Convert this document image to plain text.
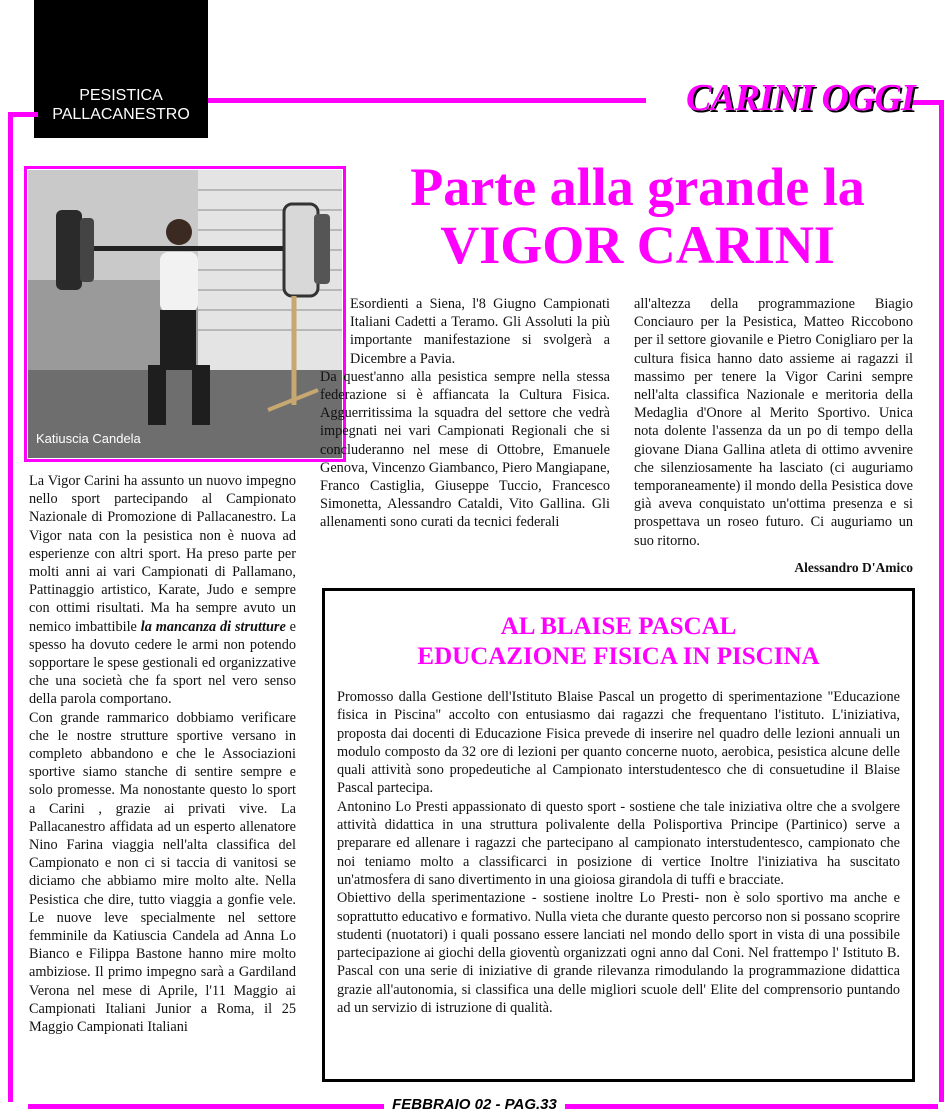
PESISTICA
PALLACANESTRO	CARINI OGGI
Parte alla grande la
VIGOR CARINI
Katiuscia Candela

La Vigor Carini ha assunto un nuovo impegno nello sport partecipando al Campionato Nazionale di Promozione di Pallacanestro. La Vigor nata con la pesistica non è nuova ad esperienze con altri sport. Ha preso parte per molti anni ai vari Campionati di Pallamano, Pattinaggio artistico, Karate, Judo e sempre con ottimi risultati. Ma ha sempre avuto un nemico imbattibile la mancanza di strutture e spesso ha dovuto cedere le armi non potendo sopportare le spese gestionali ed organizzative che una società che fa sport nel vero senso della parola comportano.

Con grande rammarico dobbiamo verificare che le nostre strutture sportive versano in completo abbandono e che le Associazioni sportive siamo stanche di sentire sempre e solo promesse. Ma nonostante questo lo sport a Carini , grazie ai privati vive. La Pallacanestro affidata ad un esperto allenatore Nino Farina viaggia nell'alta classifica del Campionato e non ci si taccia di vanitosi se diciamo che abbiamo mire molto alte. Nella Pesistica che dire, tutto viaggia a gonfie vele. Le nuove leve specialmente nel settore femminile da Katiuscia Candela ad Anna Lo Bianco e Filippa Bastone hanno mire molto ambiziose. Il primo impegno sarà a Gardiland Verona nel mese di Aprile, l'11 Maggio ai Campionati Italiani Junior a Roma, il 25 Maggio Campionati Italiani

Esordienti a Siena, l'8 Giugno Campionati Italiani Cadetti a Teramo. Gli Assoluti la più importante manifestazione si svolgerà a Dicembre a Pavia.

Da quest'anno alla pesistica sempre nella stessa federazione si è affiancata la Cultura Fisica. Agguerritissima la squadra del settore che vedrà impegnati nei vari Campionati Regionali che si concluderanno nel mese di Ottobre, Emanuele Genova, Vincenzo Giambanco, Piero Mangiapane, Franco Castiglia, Giuseppe Tuccio, Francesco Simonetta, Alessandro Cataldi, Vito Gallina. Gli allenamenti sono curati da tecnici federali

all'altezza della programmazione Biagio Conciauro per la Pesistica, Matteo Riccobono per il settore giovanile e Pietro Conigliaro per la cultura fisica hanno dato assieme ai ragazzi il massimo per tenere la Vigor Carini sempre nell'alta classifica Nazionale e meritoria della Medaglia d'Onore al Merito Sportivo. Unica nota dolente l'assenza da un po di tempo della giovane Diana Gallina atleta di ottimo avvenire che silenziosamente ha lasciato (ci auguriamo temporaneamente) il mondo della Pesistica dove già aveva conquistato un'ottima presenza e si prospettava un roseo futuro. Ci auguriamo un suo ritorno.

Alessandro D'Amico
AL BLAISE PASCAL
EDUCAZIONE FISICA IN PISCINA

Promosso dalla Gestione dell'Istituto Blaise Pascal un progetto di sperimentazione "Educazione fisica in Piscina" accolto con entusiasmo dai ragazzi che frequentano l'istituto. L'iniziativa, proposta dai docenti di Educazione Fisica prevede di inserire nel quadro delle lezioni annuali un modulo composto da 32 ore di lezioni per quanto concerne nuoto, aerobica, pesistica alcune delle quali attività sono propedeutiche al Campionato interstudentesco che di consuetudine il Blaise Pascal partecipa.

Antonino Lo Presti appassionato di questo sport - sostiene che tale iniziativa oltre che a svolgere attività didattica in una struttura polivalente della Polisportiva Principe (Partinico) serve a preparare ed allenare i ragazzi che partecipano al campionato interstudentesco, campionato che noi teniamo molto a classificarci in posizione di vertice Inoltre l'iniziativa ha suscitato un'atmosfera di sano divertimento in una gioiosa girandola di tuffi e bracciate.

Obiettivo della sperimentazione - sostiene inoltre Lo Presti- non è solo sportivo ma anche e soprattutto educativo e formativo. Nulla vieta che durante questo percorso non si possano scoprire studenti (nuotatori) i quali possano essere lanciati nel mondo dello sport in vista di una possibile partecipazione ai giochi della gioventù organizzati ogni anno dal Coni. Nel frattempo l' Istituto B. Pascal con una serie di iniziative di grande rilevanza rimodulando la programmazione didattica grazie all'autonomia, si classifica una delle migliori scuole dell' Elite del comprensorio puntando ad un servizio di istruzione di qualità.

FEBBRAIO 02 - PAG.33
